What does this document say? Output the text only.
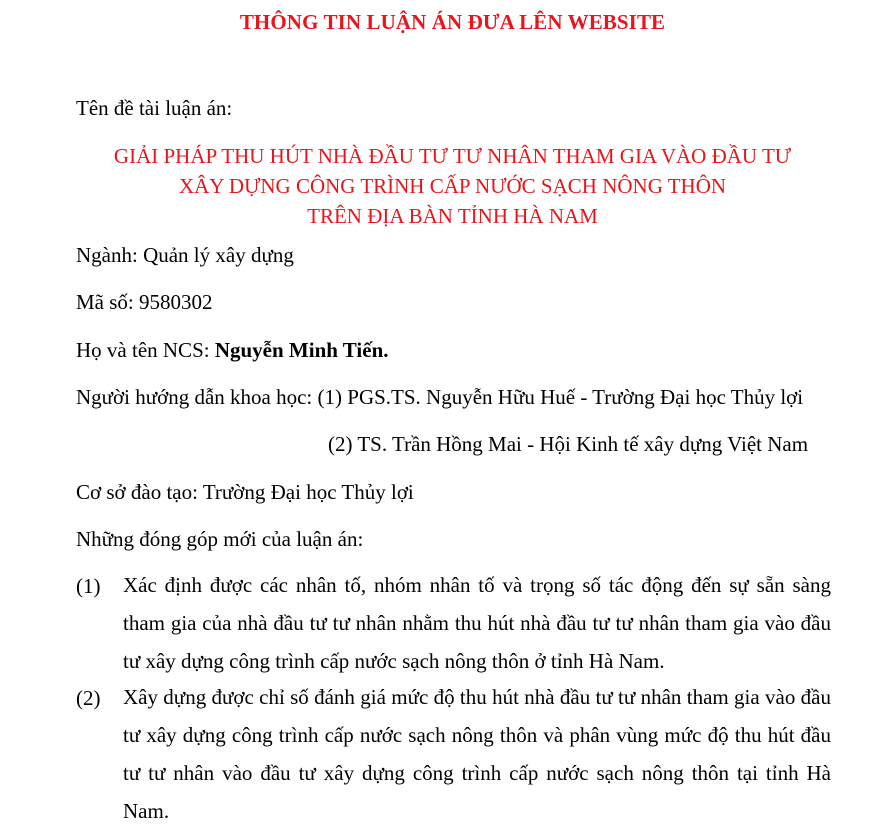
THÔNG TIN LUẬN ÁN ĐƯA LÊN WEBSITE
Tên đề tài luận án:
GIẢI PHÁP THU HÚT NHÀ ĐẦU TƯ TƯ NHÂN THAM GIA VÀO ĐẦU TƯ
XÂY DỰNG CÔNG TRÌNH CẤP NƯỚC SẠCH NÔNG THÔN
TRÊN ĐỊA BÀN TỈNH HÀ NAM
Ngành: Quản lý xây dựng
Mã số: 9580302
Họ và tên NCS: Nguyễn Minh Tiến.
Người hướng dẫn khoa học: (1) PGS.TS. Nguyễn Hữu Huế - Trường Đại học Thủy lợi
(2) TS. Trần Hồng Mai - Hội Kinh tế xây dựng Việt Nam
Cơ sở đào tạo: Trường Đại học Thủy lợi
Những đóng góp mới của luận án:
(1) Xác định được các nhân tố, nhóm nhân tố và trọng số tác động đến sự sẵn sàng tham gia của nhà đầu tư tư nhân nhằm thu hút nhà đầu tư tư nhân tham gia vào đầu tư xây dựng công trình cấp nước sạch nông thôn ở tỉnh Hà Nam.
(2) Xây dựng được chỉ số đánh giá mức độ thu hút nhà đầu tư tư nhân tham gia vào đầu tư xây dựng công trình cấp nước sạch nông thôn và phân vùng mức độ thu hút đầu tư tư nhân vào đầu tư xây dựng công trình cấp nước sạch nông thôn tại tỉnh Hà Nam.
